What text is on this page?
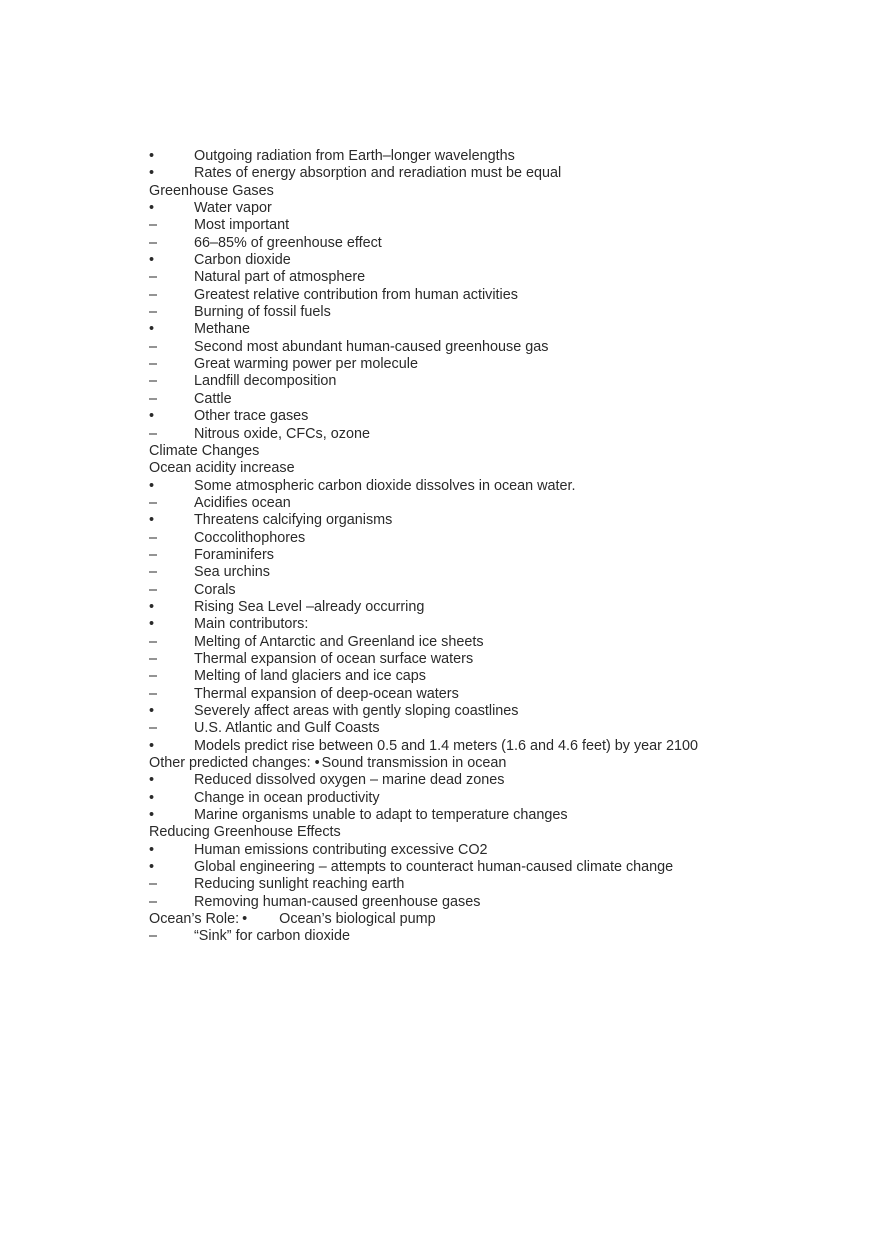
•	Outgoing radiation from Earth–longer wavelengths
•	Rates of energy absorption and reradiation must be equal
Greenhouse Gases
•	Water vapor
–	Most important
–	66–85% of greenhouse effect
•	Carbon dioxide
–	Natural part of atmosphere
–	Greatest relative contribution from human activities
–	Burning of fossil fuels
•	Methane
–	Second most abundant human-caused greenhouse gas
–	Great warming power per molecule
–	Landfill decomposition
–	Cattle
•	Other trace gases
–	Nitrous oxide, CFCs, ozone
Climate Changes
Ocean acidity increase
•	Some atmospheric carbon dioxide dissolves in ocean water.
–	Acidifies ocean
•	Threatens calcifying organisms
–	Coccolithophores
–	Foraminifers
–	Sea urchins
–	Corals
•	Rising Sea Level –already occurring
•	Main contributors:
–	Melting of Antarctic and Greenland ice sheets
–	Thermal expansion of ocean surface waters
–	Melting of land glaciers and ice caps
–	Thermal expansion of deep-ocean waters
•	Severely affect areas with gently sloping coastlines
–	U.S. Atlantic and Gulf Coasts
•	Models predict rise between 0.5 and 1.4 meters (1.6 and 4.6 feet) by year 2100
Other predicted changes: • Sound transmission in ocean
•	Reduced dissolved oxygen – marine dead zones
•	Change in ocean productivity
•	Marine organisms unable to adapt to temperature changes
Reducing Greenhouse Effects
•	Human emissions contributing excessive CO2
•	Global engineering – attempts to counteract human-caused climate change
–	Reducing sunlight reaching earth
–	Removing human-caused greenhouse gases
Ocean’s Role: • Ocean’s biological pump
–	“Sink” for carbon dioxide
